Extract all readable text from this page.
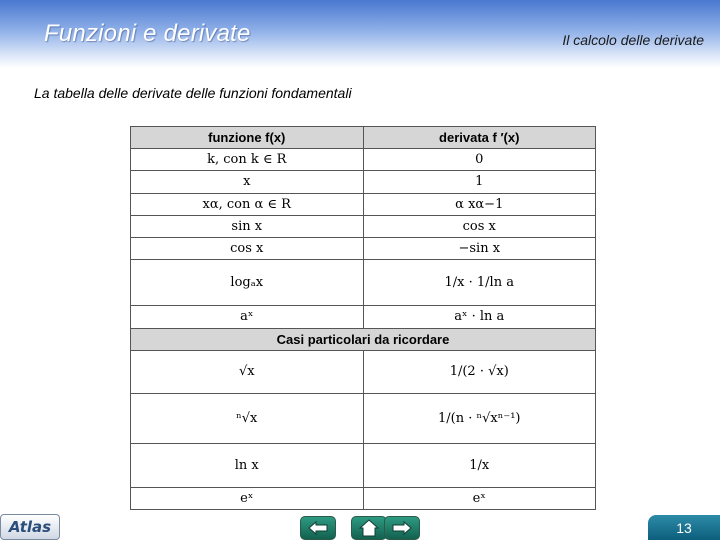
Funzioni e derivate	Il calcolo delle derivate
La tabella delle derivate delle funzioni fondamentali
funzione f(x)	derivata f ′(x)
k, con k ∈ R	0
x	1
xα, con α ∈ R	α xα−1
sin x	cos x
cos x	−sin x
logₐx	1/x · 1/ln a
aˣ	aˣ · ln a
Casi particolari da ricordare	
√x	1/(2 · √x)
ⁿ√x	1/(n · ⁿ√xⁿ⁻¹)
ln x	1/x
eˣ	eˣ
Atlas	13
